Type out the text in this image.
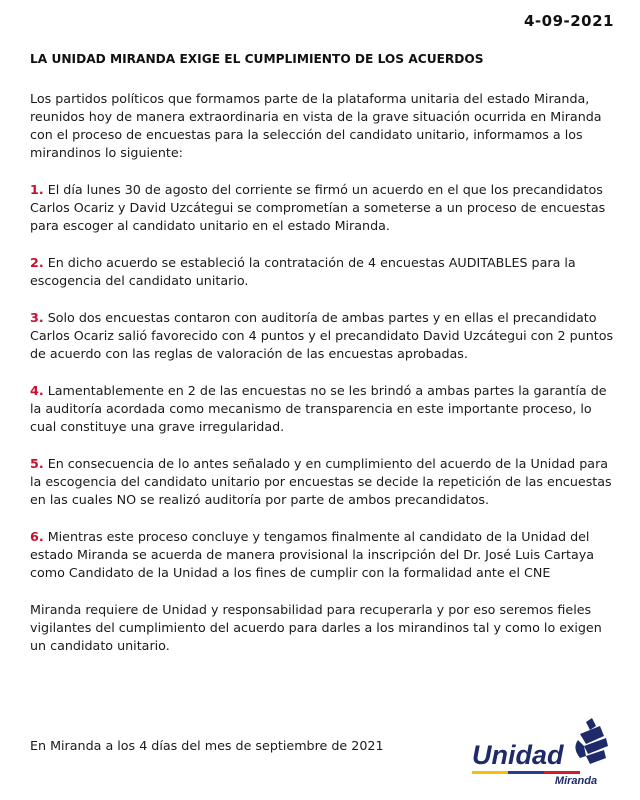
4-09-2021
LA UNIDAD MIRANDA EXIGE EL CUMPLIMIENTO DE LOS ACUERDOS

Los partidos políticos que formamos parte de la plataforma unitaria del estado Miranda, reunidos hoy de manera extraordinaria en vista de la grave situación ocurrida en Miranda con el proceso de encuestas para la selección del candidato unitario, informamos a los mirandinos lo siguiente:

1. El día lunes 30 de agosto del corriente se firmó un acuerdo en el que los precandidatos Carlos Ocariz y David Uzcátegui se comprometían a someterse a un proceso de encuestas para escoger al candidato unitario en el estado Miranda.

2. En dicho acuerdo se estableció la contratación de 4 encuestas AUDITABLES para la escogencia del candidato unitario.

3. Solo dos encuestas contaron con auditoría de ambas partes y en ellas el precandidato Carlos Ocariz salió favorecido con 4 puntos y el precandidato David Uzcátegui con 2 puntos de acuerdo con las reglas de valoración de las encuestas aprobadas.

4. Lamentablemente en 2 de las encuestas no se les brindó a ambas partes la garantía de la auditoría acordada como mecanismo de transparencia en este importante proceso, lo cual constituye una grave irregularidad.

5. En consecuencia de lo antes señalado y en cumplimiento del acuerdo de la Unidad para la escogencia del candidato unitario por encuestas se decide la repetición de las encuestas en las cuales NO se realizó auditoría por parte de ambos precandidatos.

6. Mientras este proceso concluye y tengamos finalmente al candidato de la Unidad del estado Miranda se acuerda de manera provisional la inscripción del Dr. José Luis Cartaya como Candidato de la Unidad a los fines de cumplir con la formalidad ante el CNE

Miranda requiere de Unidad y responsabilidad para recuperarla y por eso seremos fieles vigilantes del cumplimiento del acuerdo para darles a los mirandinos tal y como lo exigen un candidato unitario.

En Miranda a los 4 días del mes de septiembre de 2021	Unidad
Miranda
